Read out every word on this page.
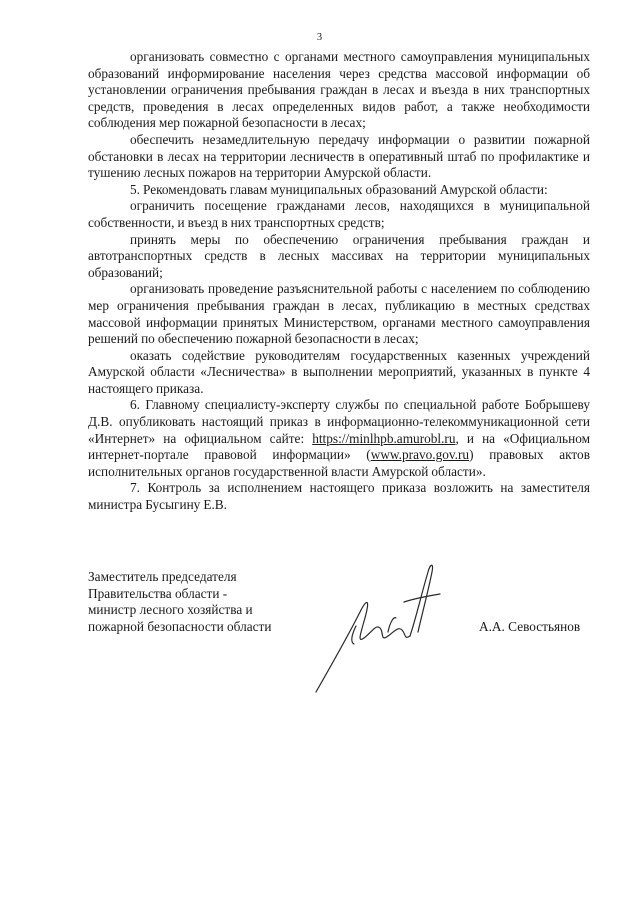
3

организовать совместно с органами местного самоуправления муниципальных образований информирование населения через средства массовой информации об установлении ограничения пребывания граждан в лесах и въезда в них транспортных средств, проведения в лесах определенных видов работ, а также необходимости соблюдения мер пожарной безопасности в лесах;

обеспечить незамедлительную передачу информации о развитии пожарной обстановки в лесах на территории лесничеств в оперативный штаб по профилактике и тушению лесных пожаров на территории Амурской области.

5. Рекомендовать главам муниципальных образований Амурской области:

ограничить посещение гражданами лесов, находящихся в муниципальной собственности, и въезд в них транспортных средств;

принять меры по обеспечению ограничения пребывания граждан и автотранспортных средств в лесных массивах на территории муниципальных образований;

организовать проведение разъяснительной работы с населением по соблюдению мер ограничения пребывания граждан в лесах, публикацию в местных средствах массовой информации принятых Министерством, органами местного самоуправления решений по обеспечению пожарной безопасности в лесах;

оказать содействие руководителям государственных казенных учреждений Амурской области «Лесничества» в выполнении мероприятий, указанных в пункте 4 настоящего приказа.

6. Главному специалисту-эксперту службы по специальной работе Бобрышеву Д.В. опубликовать настоящий приказ в информационно-телекоммуникационной сети «Интернет» на официальном сайте: https://minlhpb.amurobl.ru, и на «Официальном интернет-портале правовой информации» (www.pravo.gov.ru) правовых актов исполнительных органов государственной власти Амурской области».

7. Контроль за исполнением настоящего приказа возложить на заместителя министра Бусыгину Е.В.

Заместитель председателя
Правительства области -
министр лесного хозяйства и
пожарной безопасности области	А.А. Севостьянов
